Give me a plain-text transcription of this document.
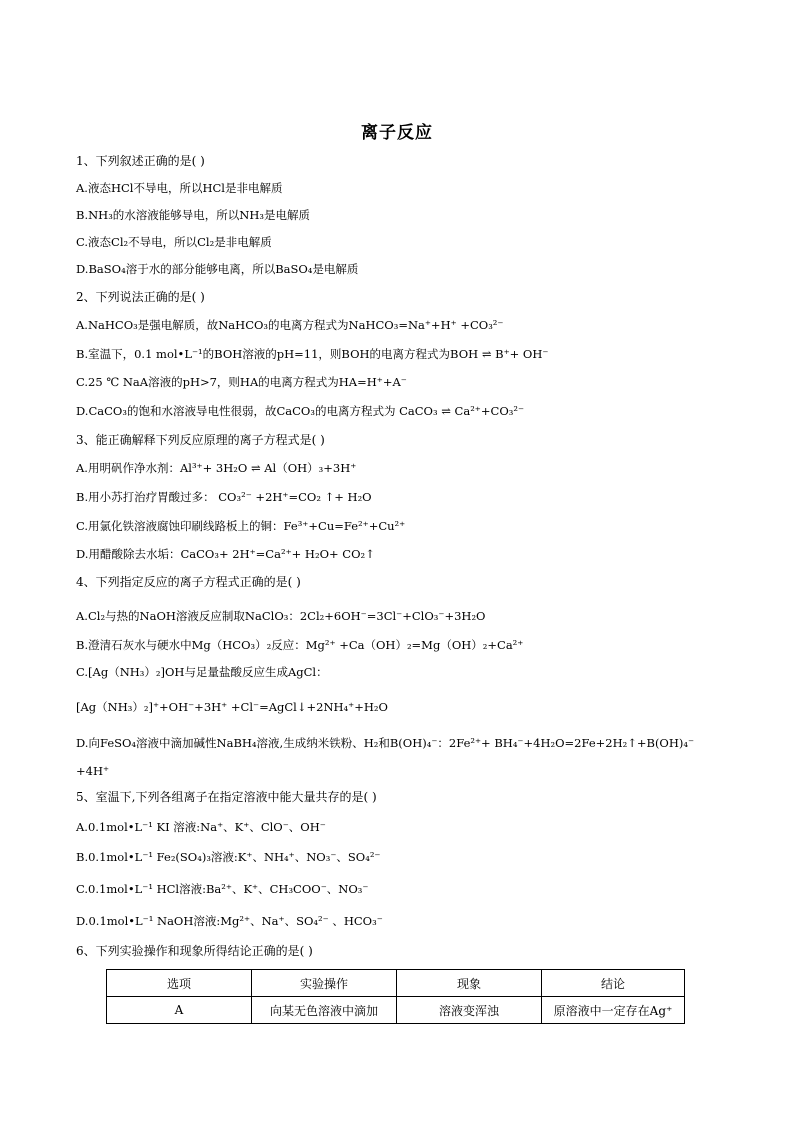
离子反应
1、下列叙述正确的是( )
A.液态HCl不导电，所以HCl是非电解质
B.NH₃的水溶液能够导电，所以NH₃是电解质
C.液态Cl₂不导电，所以Cl₂是非电解质
D.BaSO₄溶于水的部分能够电离，所以BaSO₄是电解质
2、下列说法正确的是( )
A.NaHCO₃是强电解质，故NaHCO₃的电离方程式为NaHCO₃=Na⁺+H⁺ +CO₃²⁻
B.室温下，0.1 mol•L⁻¹的BOH溶液的pH=11，则BOH的电离方程式为BOH ⇌ B⁺+ OH⁻
C.25 ℃ NaA溶液的pH>7，则HA的电离方程式为HA=H⁺+A⁻
D.CaCO₃的饱和水溶液导电性很弱，故CaCO₃的电离方程式为 CaCO₃ ⇌ Ca²⁺+CO₃²⁻
3、能正确解释下列反应原理的离子方程式是( )
A.用明矾作净水剂：Al³⁺+ 3H₂O ⇌ Al（OH）₃+3H⁺
B.用小苏打治疗胃酸过多： CO₃²⁻ +2H⁺=CO₂ ↑+ H₂O
C.用氯化铁溶液腐蚀印刷线路板上的铜：Fe³⁺+Cu=Fe²⁺+Cu²⁺
D.用醋酸除去水垢：CaCO₃+ 2H⁺=Ca²⁺+ H₂O+ CO₂↑
4、下列指定反应的离子方程式正确的是( )
A.Cl₂与热的NaOH溶液反应制取NaClO₃：2Cl₂+6OH⁻=3Cl⁻+ClO₃⁻+3H₂O
B.澄清石灰水与硬水中Mg（HCO₃）₂反应：Mg²⁺ +Ca（OH）₂=Mg（OH）₂+Ca²⁺
C.[Ag（NH₃）₂]OH与足量盐酸反应生成AgCl：
[Ag（NH₃）₂]⁺+OH⁻+3H⁺ +Cl⁻=AgCl↓+2NH₄⁺+H₂O
D.向FeSO₄溶液中滴加碱性NaBH₄溶液,生成纳米铁粉、H₂和B(OH)₄⁻：2Fe²⁺+ BH₄⁻+4H₂O=2Fe+2H₂↑+B(OH)₄⁻
+4H⁺
5、室温下,下列各组离子在指定溶液中能大量共存的是( )
A.0.1mol•L⁻¹ KI 溶液:Na⁺、K⁺、ClO⁻、OH⁻
B.0.1mol•L⁻¹ Fe₂(SO₄)₃溶液:K⁺、NH₄⁺、NO₃⁻、SO₄²⁻
C.0.1mol•L⁻¹ HCl溶液:Ba²⁺、K⁺、CH₃COO⁻、NO₃⁻
D.0.1mol•L⁻¹ NaOH溶液:Mg²⁺、Na⁺、SO₄²⁻ 、HCO₃⁻
6、下列实验操作和现象所得结论正确的是( )
选项	实验操作	现象	结论
A	向某无色溶液中滴加	溶液变浑浊	原溶液中一定存在Ag⁺
